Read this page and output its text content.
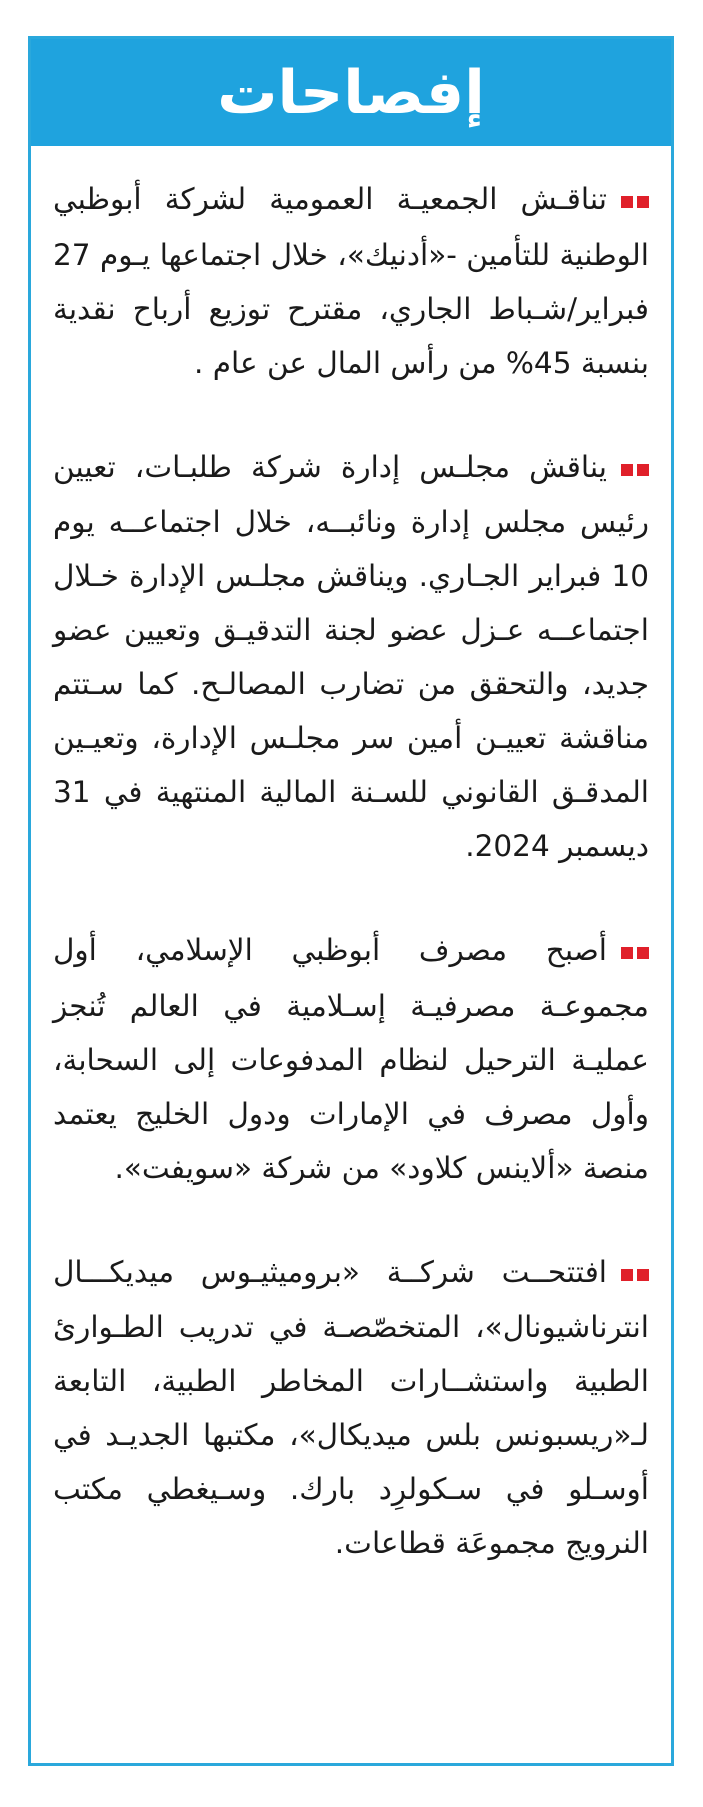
إفصاحات

تناقـش الجمعيـة العمومية لشركة أبوظبي الوطنية للتأمين -«أدنيك»، خلال اجتماعها يـوم 27 فبراير/شـباط الجاري، مقترح توزيع أرباح نقدية بنسبة 45% من رأس المال عن عام .

يناقش مجلـس إدارة شركة طلبـات، تعيين رئيس مجلس إدارة ونائبــه، خلال اجتماعــه يوم 10 فبراير الجـاري. ويناقش مجلـس الإدارة خـلال اجتماعــه عـزل عضو لجنة التدقيـق وتعيين عضو جديد، والتحقق من تضارب المصالـح. كما سـتتم مناقشة تعييـن أمين سر مجلـس الإدارة، وتعيـين المدقـق القانوني للسـنة المالية المنتهية في 31 ديسمبر 2024.

أصبح مصرف أبوظبي الإسلامي، أول مجموعـة مصرفيـة إسـلامية في العالم تُنجز عمليـة الترحيل لنظام المدفوعات إلى السحابة، وأول مصرف في الإمارات ودول الخليج يعتمد منصة «ألاينس كلاود» من شركة «سويفت».

افتتحــت شركــة «بروميثيـوس ميديكـــال انترناشيونال»، المتخصّصـة في تدريب الطـوارئ الطبية واستشــارات المخاطر الطبية، التابعة لـ«ريسبونس بلس ميديكال»، مكتبها الجديـد في أوسـلو في سـكولرِد بارك. وسـيغطي مكتب النرويج مجموعَة قطاعات.
